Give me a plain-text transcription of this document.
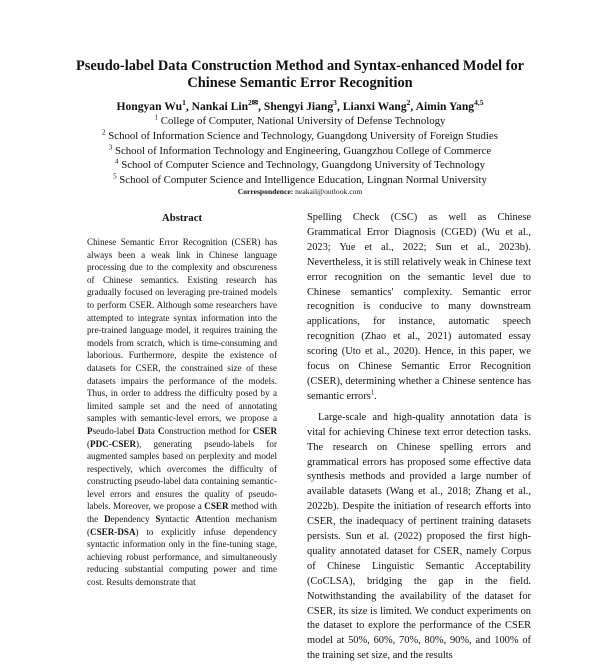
Pseudo-label Data Construction Method and Syntax-enhanced Model for
Chinese Semantic Error Recognition
Hongyan Wu$^1$, Nankai Lin$^{2✉}$, Shengyi Jiang$^3$, Lianxi Wang$^2$, Aimin Yang$^{4,5}$
$^1$ College of Computer, National University of Defense Technology
$^2$ School of Information Science and Technology, Guangdong University of Foreign Studies
$^3$ School of Information Technology and Engineering, Guangzhou College of Commerce
$^4$ School of Computer Science and Technology, Guangdong University of Technology
$^5$ School of Computer Science and Intelligence Education, Lingnan Normal University
Correspondence: neakail@outlook.com
Abstract

Chinese Semantic Error Recognition (CSER) has always been a weak link in Chinese language processing due to the complexity and obscureness of Chinese semantics. Existing research has gradually focused on leveraging pre-trained models to perform CSER. Although some researchers have attempted to integrate syntax information into the pre-trained language model, it requires training the models from scratch, which is time-consuming and laborious. Furthermore, despite the existence of datasets for CSER, the constrained size of these datasets impairs the performance of the models. Thus, in order to address the difficulty posed by a limited sample set and the need of annotating samples with semantic-level errors, we propose a Pseudo-label Data Construction method for CSER (PDC-CSER), generating pseudo-labels for augmented samples based on perplexity and model respectively, which overcomes the difficulty of constructing pseudo-label data containing semantic-level errors and ensures the quality of pseudo-labels. Moreover, we propose a CSER method with the Dependency Syntactic Attention mechanism (CSER-DSA) to explicitly infuse dependency syntactic information only in the fine-tuning stage, achieving robust performance, and simultaneously reducing substantial computing power and time cost. Results demonstrate that

Spelling Check (CSC) as well as Chinese Grammatical Error Diagnosis (CGED) (Wu et al., 2023; Yue et al., 2022; Sun et al., 2023b). Nevertheless, it is still relatively weak in Chinese text error recognition on the semantic level due to Chinese semantics' complexity. Semantic error recognition is conducive to many downstream applications, for instance, automatic speech recognition (Zhao et al., 2021) automated essay scoring (Uto et al., 2020). Hence, in this paper, we focus on Chinese Semantic Error Recognition (CSER), determining whether a Chinese sentence has semantic errors$^1$.

Large-scale and high-quality annotation data is vital for achieving Chinese text error detection tasks. The research on Chinese spelling errors and grammatical errors has proposed some effective data synthesis methods and provided a large number of available datasets (Wang et al., 2018; Zhang et al., 2022b). Despite the initiation of research efforts into CSER, the inadequacy of pertinent training datasets persists. Sun et al. (2022) proposed the first high-quality annotated dataset for CSER, namely Corpus of Chinese Linguistic Semantic Acceptability (CoCLSA), bridging the gap in the field. Notwithstanding the availability of the dataset for CSER, its size is limited. We conduct experiments on the dataset to explore the performance of the CSER model at 50%, 60%, 70%, 80%, 90%, and 100% of the training set size, and the results
